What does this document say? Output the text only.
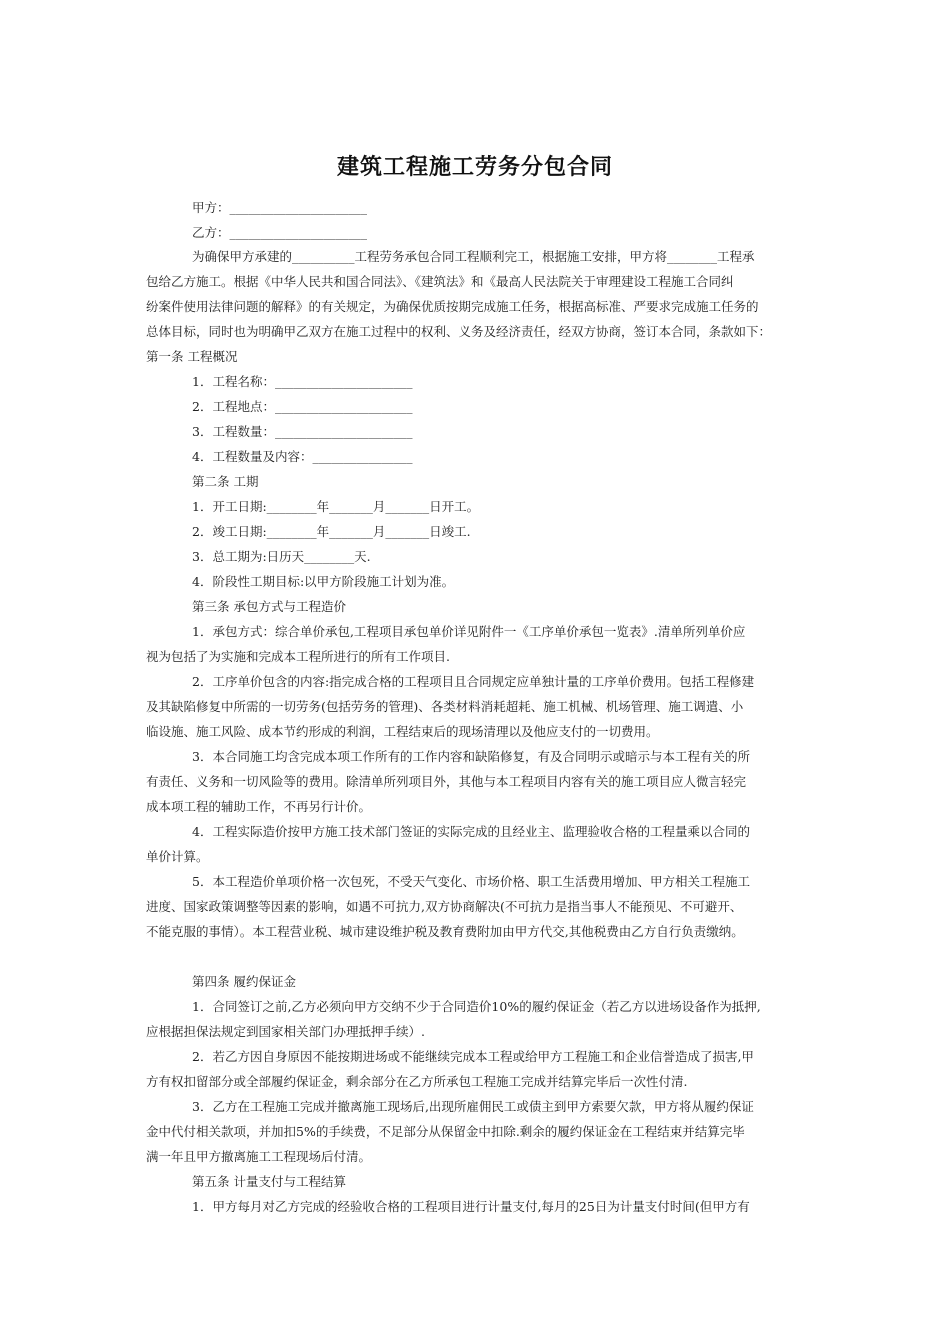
建筑工程施工劳务分包合同
甲方：______________________
乙方：______________________
为确保甲方承建的__________工程劳务承包合同工程顺利完工，根据施工安排，甲方将________工程承
包给乙方施工。根据《中华人民共和国合同法》、《建筑法》和《最高人民法院关于审理建设工程施工合同纠
纷案件使用法律问题的解释》的有关规定，为确保优质按期完成施工任务，根据高标准、严要求完成施工任务的
总体目标，同时也为明确甲乙双方在施工过程中的权利、义务及经济责任，经双方协商，签订本合同，条款如下：
第一条 工程概况
1．工程名称：______________________
2．工程地点：______________________
3．工程数量：______________________
4．工程数量及内容：________________
第二条 工期
1．开工日期:________年_______月_______日开工。
2．竣工日期:________年_______月_______日竣工.
3．总工期为:日历天________天.
4．阶段性工期目标:以甲方阶段施工计划为准。
第三条 承包方式与工程造价
1．承包方式：综合单价承包,工程项目承包单价详见附件一《工序单价承包一览表》.清单所列单价应
视为包括了为实施和完成本工程所进行的所有工作项目.
2．工序单价包含的内容:指完成合格的工程项目且合同规定应单独计量的工序单价费用。包括工程修建
及其缺陷修复中所需的一切劳务(包括劳务的管理)、各类材料消耗超耗、施工机械、机场管理、施工调遣、小
临设施、施工风险、成本节约形成的利润，工程结束后的现场清理以及他应支付的一切费用。
3．本合同施工均含完成本项工作所有的工作内容和缺陷修复，有及合同明示或暗示与本工程有关的所
有责任、义务和一切风险等的费用。除清单所列项目外，其他与本工程项目内容有关的施工项目应人微言轻完
成本项工程的辅助工作，不再另行计价。
4．工程实际造价按甲方施工技术部门签证的实际完成的且经业主、监理验收合格的工程量乘以合同的
单价计算。
5．本工程造价单项价格一次包死，不受天气变化、市场价格、职工生活费用增加、甲方相关工程施工
进度、国家政策调整等因素的影响，如遇不可抗力,双方协商解决(不可抗力是指当事人不能预见、不可避开、
不能克服的事情）。本工程营业税、城市建设维护税及教育费附加由甲方代交,其他税费由乙方自行负责缴纳。
第四条 履约保证金
1．合同签订之前,乙方必须向甲方交纳不少于合同造价10%的履约保证金（若乙方以进场设备作为抵押,
应根据担保法规定到国家相关部门办理抵押手续）.
2．若乙方因自身原因不能按期进场或不能继续完成本工程或给甲方工程施工和企业信誉造成了损害,甲
方有权扣留部分或全部履约保证金，剩余部分在乙方所承包工程施工完成并结算完毕后一次性付清.
3．乙方在工程施工完成并撤离施工现场后,出现所雇佣民工或债主到甲方索要欠款，甲方将从履约保证
金中代付相关款项，并加扣5%的手续费，不足部分从保留金中扣除.剩余的履约保证金在工程结束并结算完毕
满一年且甲方撤离施工工程现场后付清。
第五条 计量支付与工程结算
1．甲方每月对乙方完成的经验收合格的工程项目进行计量支付,每月的25日为计量支付时间(但甲方有
